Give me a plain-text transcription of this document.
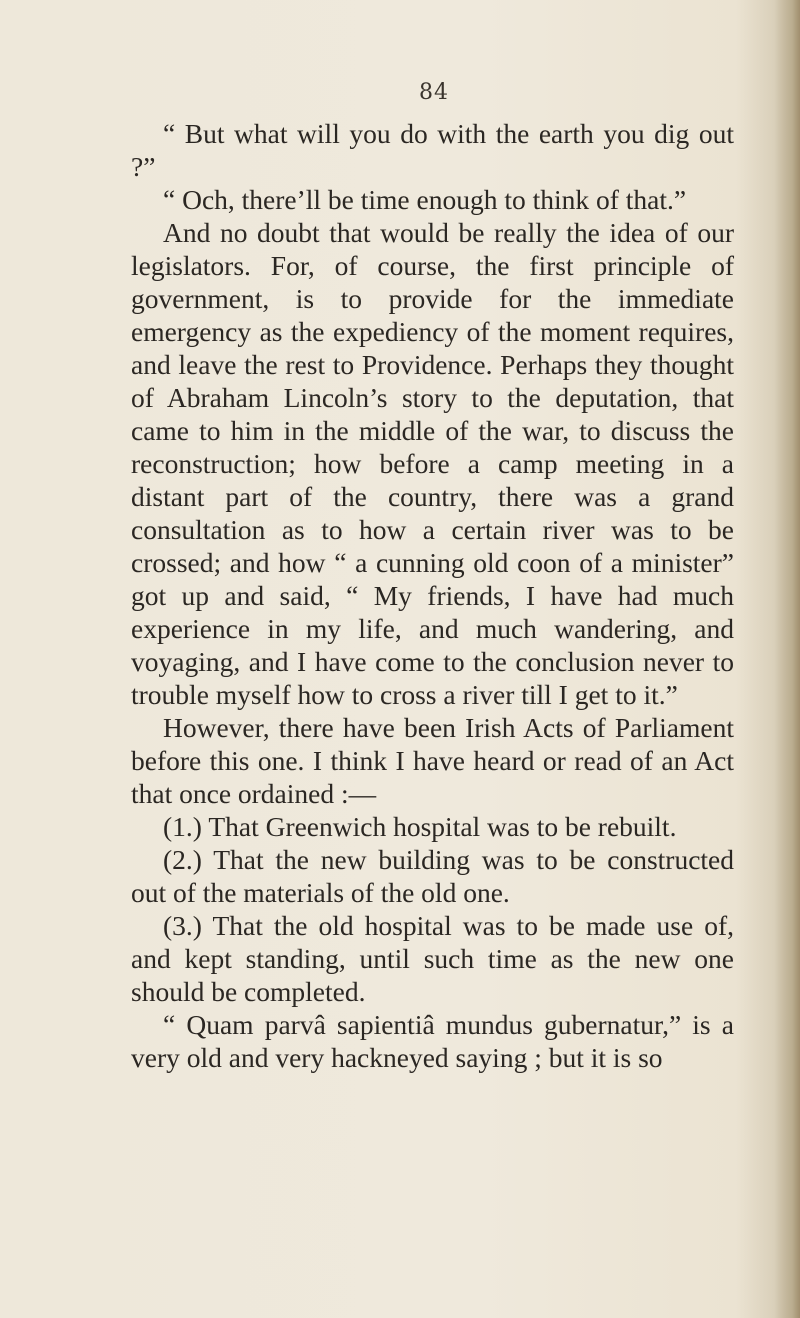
84

“ But what will you do with the earth you dig out ?”

“ Och, there’ll be time enough to think of that.”

And no doubt that would be really the idea of our legislators. For, of course, the first principle of government, is to provide for the immediate emergency as the expediency of the moment requires, and leave the rest to Providence. Perhaps they thought of Abraham Lincoln’s story to the deputation, that came to him in the middle of the war, to discuss the reconstruction; how before a camp meeting in a distant part of the country, there was a grand consultation as to how a certain river was to be crossed; and how “ a cunning old coon of a minister” got up and said, “ My friends, I have had much experience in my life, and much wandering, and voyaging, and I have come to the conclusion never to trouble myself how to cross a river till I get to it.”

However, there have been Irish Acts of Parliament before this one. I think I have heard or read of an Act that once ordained :—

(1.) That Greenwich hospital was to be rebuilt.

(2.) That the new building was to be constructed out of the materials of the old one.

(3.) That the old hospital was to be made use of, and kept standing, until such time as the new one should be completed.

“ Quam parvâ sapientiâ mundus gubernatur,” is a very old and very hackneyed saying ; but it is so
